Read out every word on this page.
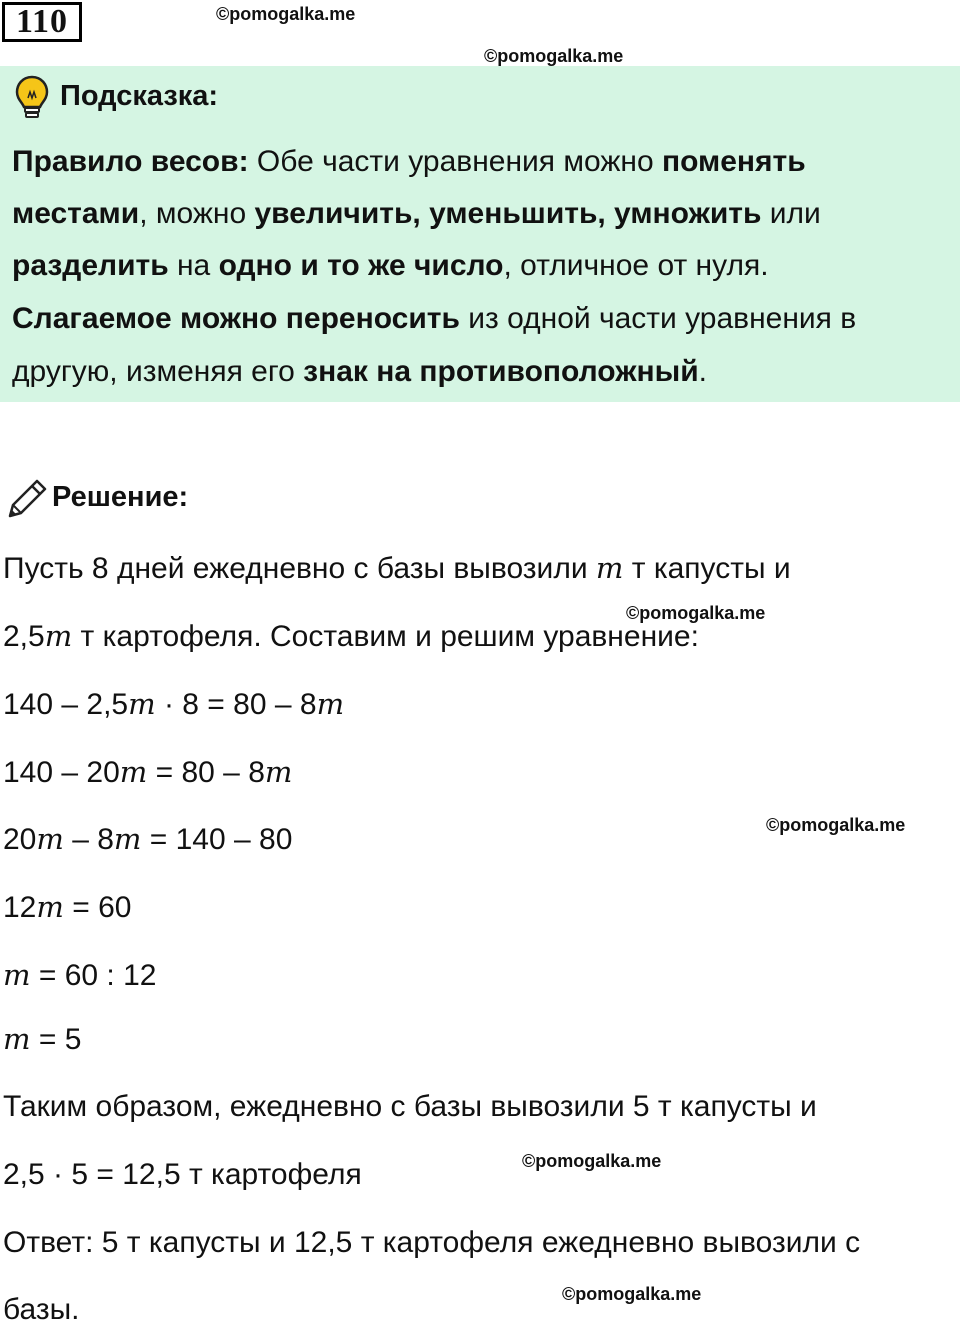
110	©pomogalka.me
©pomogalka.me
Подсказка:
Решение:
Пусть 8 дней ежедневно с базы вывозили m т капусты и
2,5m т картофеля. Составим и решим уравнение:
140 – 2,5m · 8 = 80 – 8m
140 – 20m = 80 – 8m
20m – 8m = 140 – 80
12m = 60
m = 60 : 12
m = 5
Таким образом, ежедневно с базы вывозили 5 т капусты и
2,5 · 5 = 12,5 т картофеля
Ответ: 5 т капусты и 12,5 т картофеля ежедневно вывозили с
базы.
©pomogalka.me
©pomogalka.me
©pomogalka.me
©pomogalka.me
Правило весов: Обе части уравнения можно поменять
местами, можно увеличить, уменьшить, умножить или
разделить на одно и то же число, отличное от нуля.
Слагаемое можно переносить из одной части уравнения в
другую, изменяя его знак на противоположный.
